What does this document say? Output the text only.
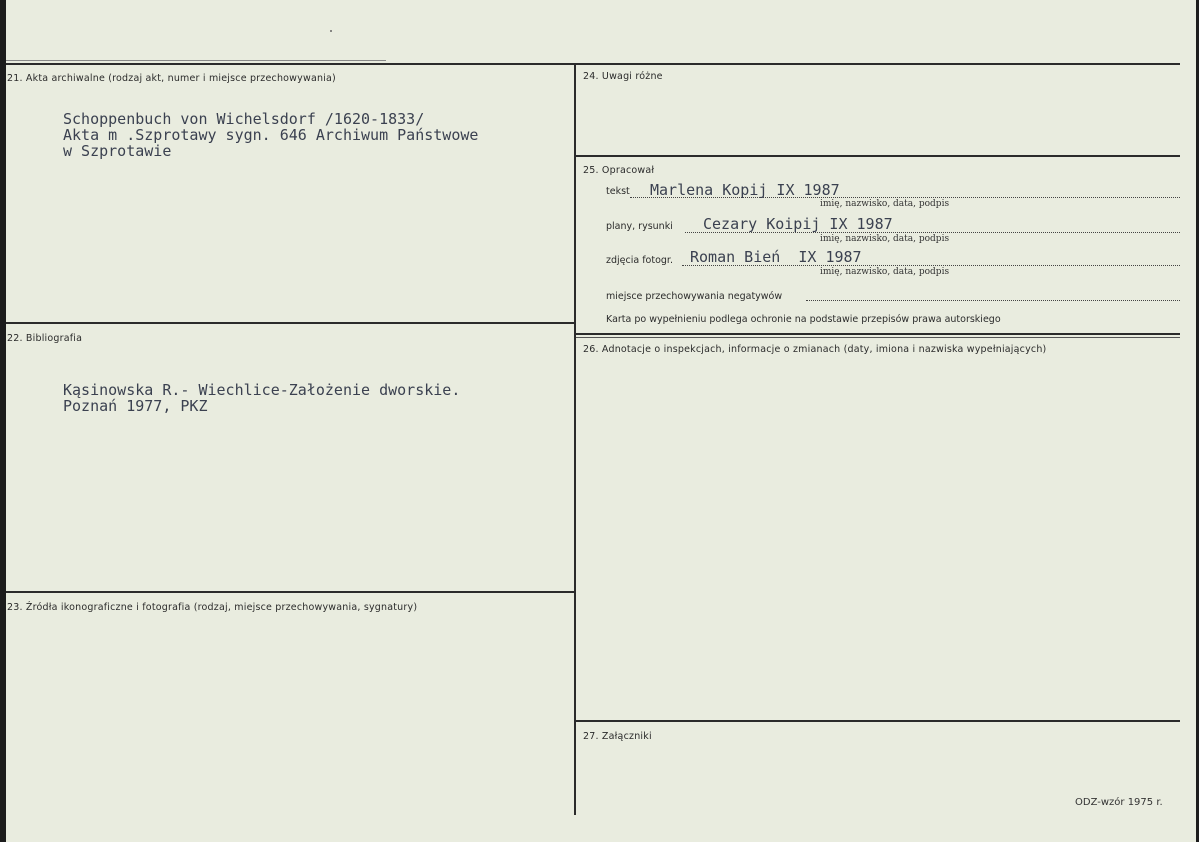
21. Akta archiwalne (rodzaj akt, numer i miejsce przechowywania)
Schoppenbuch von Wichelsdorf /1620-1833/
Akta m .Szprotawy sygn. 646 Archiwum Państwowe
w Szprotawie
22. Bibliografia
Kąsinowska R.- Wiechlice-Założenie dworskie.
Poznań 1977, PKZ
23. Źródła ikonograficzne i fotografia (rodzaj, miejsce przechowywania, sygnatury)
24. Uwagi różne
25. Opracował
tekst Marlena Kopij IX 1987
imię, nazwisko, data, podpis
plany, rysunki Cezary Koipij IX 1987
imię, nazwisko, data, podpis
zdjęcia fotogr. Roman Bień  IX 1987
imię, nazwisko, data, podpis
miejsce przechowywania negatywów
Karta po wypełnieniu podlega ochronie na podstawie przepisów prawa autorskiego
26. Adnotacje o inspekcjach, informacje o zmianach (daty, imiona i nazwiska wypełniających)
27. Załączniki
ODZ-wzór 1975 r.
